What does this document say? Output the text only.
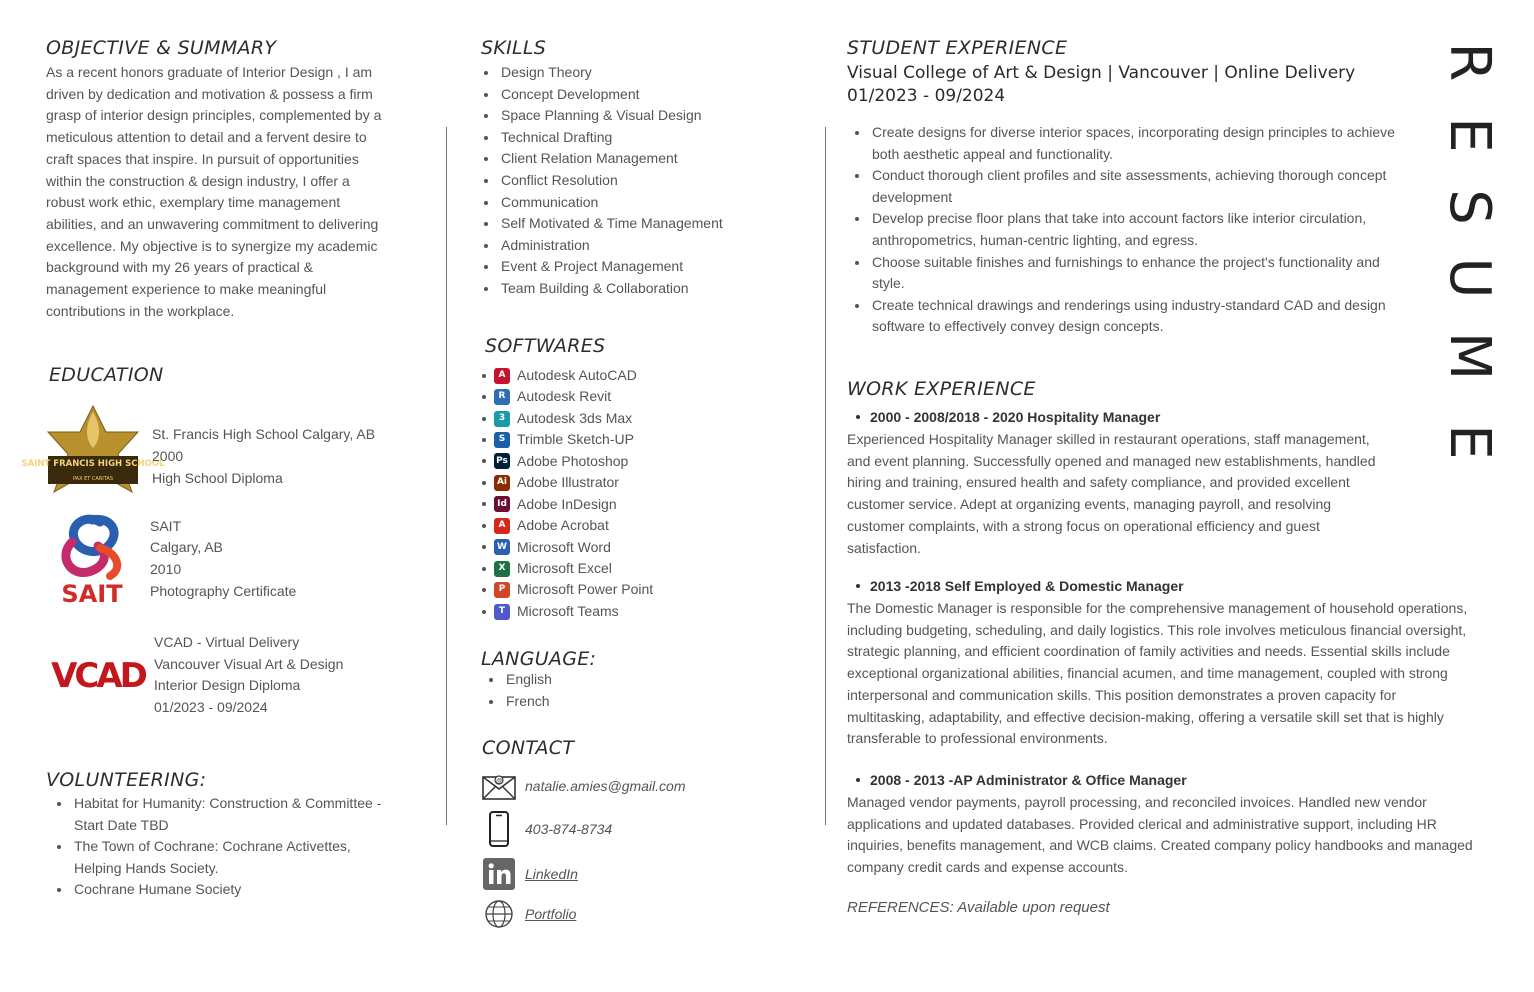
OBJECTIVE & SUMMARY
As a recent honors graduate of Interior Design , I am
driven by dedication and motivation & possess a firm
grasp of interior design principles, complemented by a
meticulous attention to detail and a fervent desire to
craft spaces that inspire. In pursuit of opportunities
within the construction & design industry, I offer a
robust work ethic, exemplary time management
abilities, and an unwavering commitment to delivering
excellence. My objective is to synergize my academic
background with my 26 years of practical &
management experience to make meaningful
contributions in the workplace.
EDUCATION
SAINT FRANCIS HIGH SCHOOL
PAX ET CARITAS
St. Francis High School Calgary, AB
2000
High School Diploma
SAIT
SAIT
Calgary, AB
2010
Photography Certificate
VCAD
VCAD - Virtual Delivery
Vancouver Visual Art & Design
Interior Design Diploma
01/2023 - 09/2024
VOLUNTEERING:
• Habitat for Humanity: Construction & Committee -
Start Date TBD
• The Town of Cochrane: Cochrane Activettes,
Helping Hands Society.
• Cochrane Humane Society
SKILLS
• Design Theory
• Concept Development
• Space Planning & Visual Design
• Technical Drafting
• Client Relation Management
• Conflict Resolution
• Communication
• Self Motivated & Time Management
• Administration
• Event & Project Management
• Team Building & Collaboration
SOFTWARES
A Autodesk AutoCAD
R Autodesk Revit
3 Autodesk 3ds Max
S Trimble Sketch-UP
Ps Adobe Photoshop
Ai Adobe Illustrator
Id Adobe InDesign
A Adobe Acrobat
W Microsoft Word
X Microsoft Excel
P Microsoft Power Point
T Microsoft Teams
LANGUAGE:
• English
• French
CONTACT
@ natalie.amies@gmail.com
403-874-8734
LinkedIn
Portfolio
STUDENT EXPERIENCE
Visual College of Art & Design | Vancouver | Online Delivery
01/2023 - 09/2024
• Create designs for diverse interior spaces, incorporating design principles to achieve
both aesthetic appeal and functionality.
• Conduct thorough client profiles and site assessments, achieving thorough concept
development
• Develop precise floor plans that take into account factors like interior circulation,
anthropometrics, human-centric lighting, and egress.
• Choose suitable finishes and furnishings to enhance the project's functionality and
style.
• Create technical drawings and renderings using industry-standard CAD and design
software to effectively convey design concepts.
WORK EXPERIENCE
2000 - 2008/2018 - 2020 Hospitality Manager
Experienced Hospitality Manager skilled in restaurant operations, staff management,
and event planning. Successfully opened and managed new establishments, handled
hiring and training, ensured health and safety compliance, and provided excellent
customer service. Adept at organizing events, managing payroll, and resolving
customer complaints, with a strong focus on operational efficiency and guest
satisfaction.
2013 -2018 Self Employed & Domestic Manager
The Domestic Manager is responsible for the comprehensive management of household operations,
including budgeting, scheduling, and daily logistics. This role involves meticulous financial oversight,
strategic planning, and efficient coordination of family activities and needs. Essential skills include
exceptional organizational abilities, financial acumen, and time management, coupled with strong
interpersonal and communication skills. This position demonstrates a proven capacity for
multitasking, adaptability, and effective decision-making, offering a versatile skill set that is highly
transferable to professional environments.
2008 - 2013 -AP Administrator & Office Manager
Managed vendor payments, payroll processing, and reconciled invoices. Handled new vendor
applications and updated databases. Provided clerical and administrative support, including HR
inquiries, benefits management, and WCB claims. Created company policy handbooks and managed
company credit cards and expense accounts.
REFERENCES: Available upon request
R
E
S
U
M
E
